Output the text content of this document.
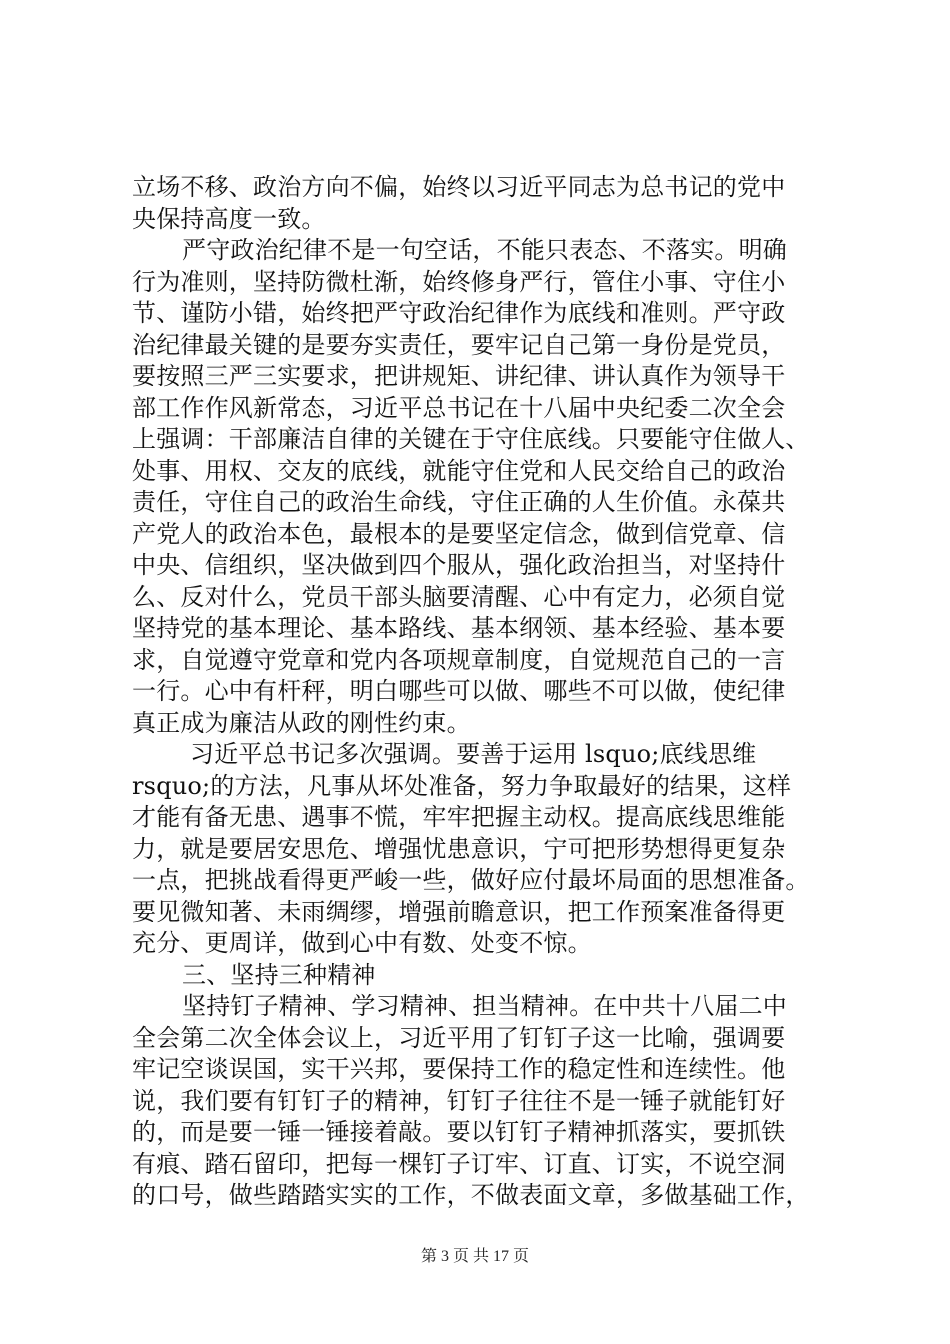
立场不移、政治方向不偏，始终以习近平同志为总书记的党中
央保持高度一致。
严守政治纪律不是一句空话，不能只表态、不落实。明确
行为准则，坚持防微杜渐，始终修身严行，管住小事、守住小
节、谨防小错，始终把严守政治纪律作为底线和准则。严守政
治纪律最关键的是要夯实责任，要牢记自己第一身份是党员，
要按照三严三实要求，把讲规矩、讲纪律、讲认真作为领导干
部工作作风新常态，习近平总书记在十八届中央纪委二次全会
上强调：干部廉洁自律的关键在于守住底线。只要能守住做人、
处事、用权、交友的底线，就能守住党和人民交给自己的政治
责任，守住自己的政治生命线，守住正确的人生价值。永葆共
产党人的政治本色，最根本的是要坚定信念，做到信党章、信
中央、信组织，坚决做到四个服从，强化政治担当，对坚持什
么、反对什么，党员干部头脑要清醒、心中有定力，必须自觉
坚持党的基本理论、基本路线、基本纲领、基本经验、基本要
求，自觉遵守党章和党内各项规章制度，自觉规范自己的一言
一行。心中有杆秤，明白哪些可以做、哪些不可以做，使纪律
真正成为廉洁从政的刚性约束。
习近平总书记多次强调。要善于运用 lsquo;底线思维
rsquo;的方法，凡事从坏处准备，努力争取最好的结果，这样
才能有备无患、遇事不慌，牢牢把握主动权。提高底线思维能
力，就是要居安思危、增强忧患意识，宁可把形势想得更复杂
一点，把挑战看得更严峻一些，做好应付最坏局面的思想准备。
要见微知著、未雨绸缪，增强前瞻意识，把工作预案准备得更
充分、更周详，做到心中有数、处变不惊。
三、坚持三种精神
坚持钉子精神、学习精神、担当精神。在中共十八届二中
全会第二次全体会议上，习近平用了钉钉子这一比喻，强调要
牢记空谈误国，实干兴邦，要保持工作的稳定性和连续性。他
说，我们要有钉钉子的精神，钉钉子往往不是一锤子就能钉好
的，而是要一锤一锤接着敲。要以钉钉子精神抓落实，要抓铁
有痕、踏石留印，把每一棵钉子订牢、订直、订实，不说空洞
的口号，做些踏踏实实的工作，不做表面文章，多做基础工作，
第 3 页 共 17 页
